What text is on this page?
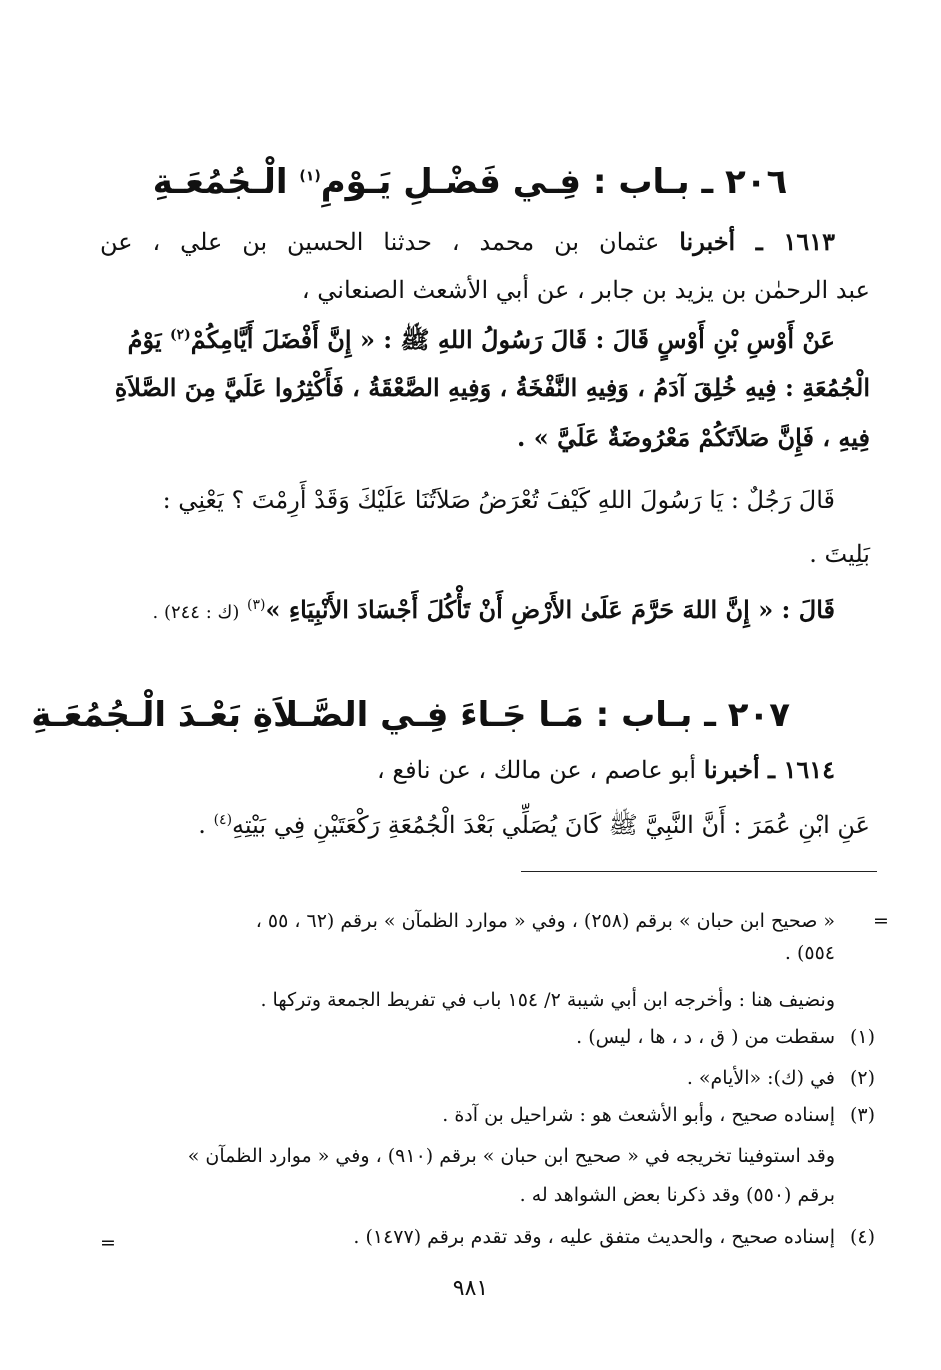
٢٠٦ ـ بـاب : فِـي فَضْـلِ يَـوْمِ$^{(١)}$ الْـجُمُعَـةِ
١٦١٣ ـ أخبرنا عثمان بن محمد ، حدثنا الحسين بن علي ، عن
عبد الرحمٰن بن يزيد بن جابر ، عن أبي الأشعث الصنعاني ،
عَنْ أَوْسِ بْنِ أَوْسٍ قَالَ : قَالَ رَسُولُ اللهِ ﷺ : « إِنَّ أَفْضَلَ أَيَّامِكُمْ$^{(٢)}$ يَوْمُ
الْجُمُعَةِ : فِيهِ خُلِقَ آدَمُ ، وَفِيهِ النَّفْخَةُ ، وَفِيهِ الصَّعْقَةُ ، فَأَكْثِرُوا عَلَيَّ مِنَ الصَّلاَةِ
فِيهِ ، فَإِنَّ صَلاَتَكُمْ مَعْرُوضَةٌ عَلَيَّ » .
قَالَ رَجُلٌ : يَا رَسُولَ اللهِ كَيْفَ تُعْرَضُ صَلاَتُنَا عَلَيْكَ وَقَدْ أَرِمْتَ ؟ يَعْنِي :
بَلِيتَ .
قَالَ : « إِنَّ اللهَ حَرَّمَ عَلَىٰ الأَرْضِ أَنْ تَأْكُلَ أَجْسَادَ الأَنْبِيَاءِ »$^{(٣)}$ (ك : ٢٤٤) .
٢٠٧ ـ بـاب : مَـا جَـاءَ فِـي الصَّـلاَةِ بَعْـدَ الْـجُمُعَـةِ
١٦١٤ ـ أخبرنا أبو عاصم ، عن مالك ، عن نافع ،
عَنِ ابْنِ عُمَرَ : أَنَّ النَّبِيَّ ﷺ كَانَ يُصَلِّي بَعْدَ الْجُمُعَةِ رَكْعَتَيْنِ فِي بَيْتِهِ$^{(٤)}$ .
=
« صحيح ابن حبان » برقم (٢٥٨) ، وفي « موارد الظمآن » برقم (٦٢ ، ٥٥ ،
٥٥٤) .
ونضيف هنا : وأخرجه ابن أبي شيبة ٢/ ١٥٤ باب في تفريط الجمعة وتركها .
(١)
سقطت من ( ق ، د ، ها ، ليس) .
(٢)
في (ك): «الأيام» .
(٣)
إسناده صحيح ، وأبو الأشعث هو : شراحيل بن آدة .
وقد استوفينا تخريجه في « صحيح ابن حبان » برقم (٩١٠) ، وفي « موارد الظمآن »
برقم (٥٥٠) وقد ذكرنا بعض الشواهد له .
(٤)
إسناده صحيح ، والحديث متفق عليه ، وقد تقدم برقم (١٤٧٧) .
=
٩٨١
